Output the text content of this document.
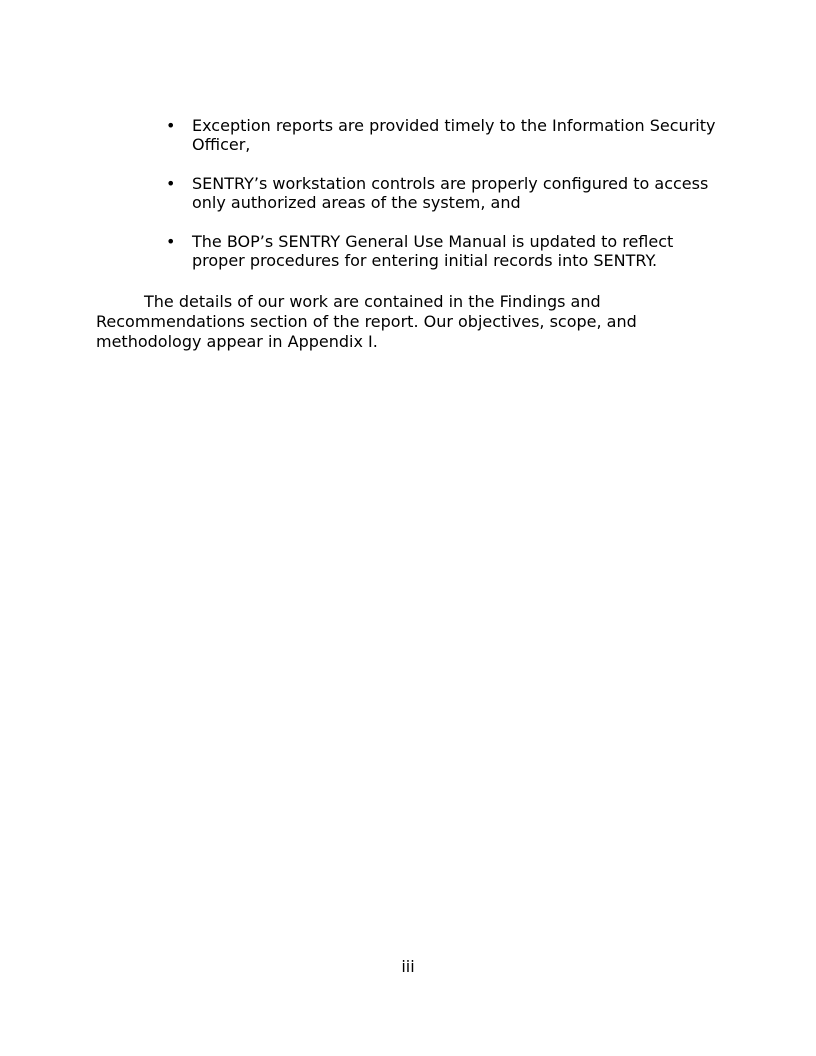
• Exception reports are provided timely to the Information Security Officer,
• SENTRY’s workstation controls are properly configured to access only authorized areas of the system, and
• The BOP’s SENTRY General Use Manual is updated to reflect proper procedures for entering initial records into SENTRY.

The details of our work are contained in the Findings and Recommendations section of the report. Our objectives, scope, and methodology appear in Appendix I.

iii
